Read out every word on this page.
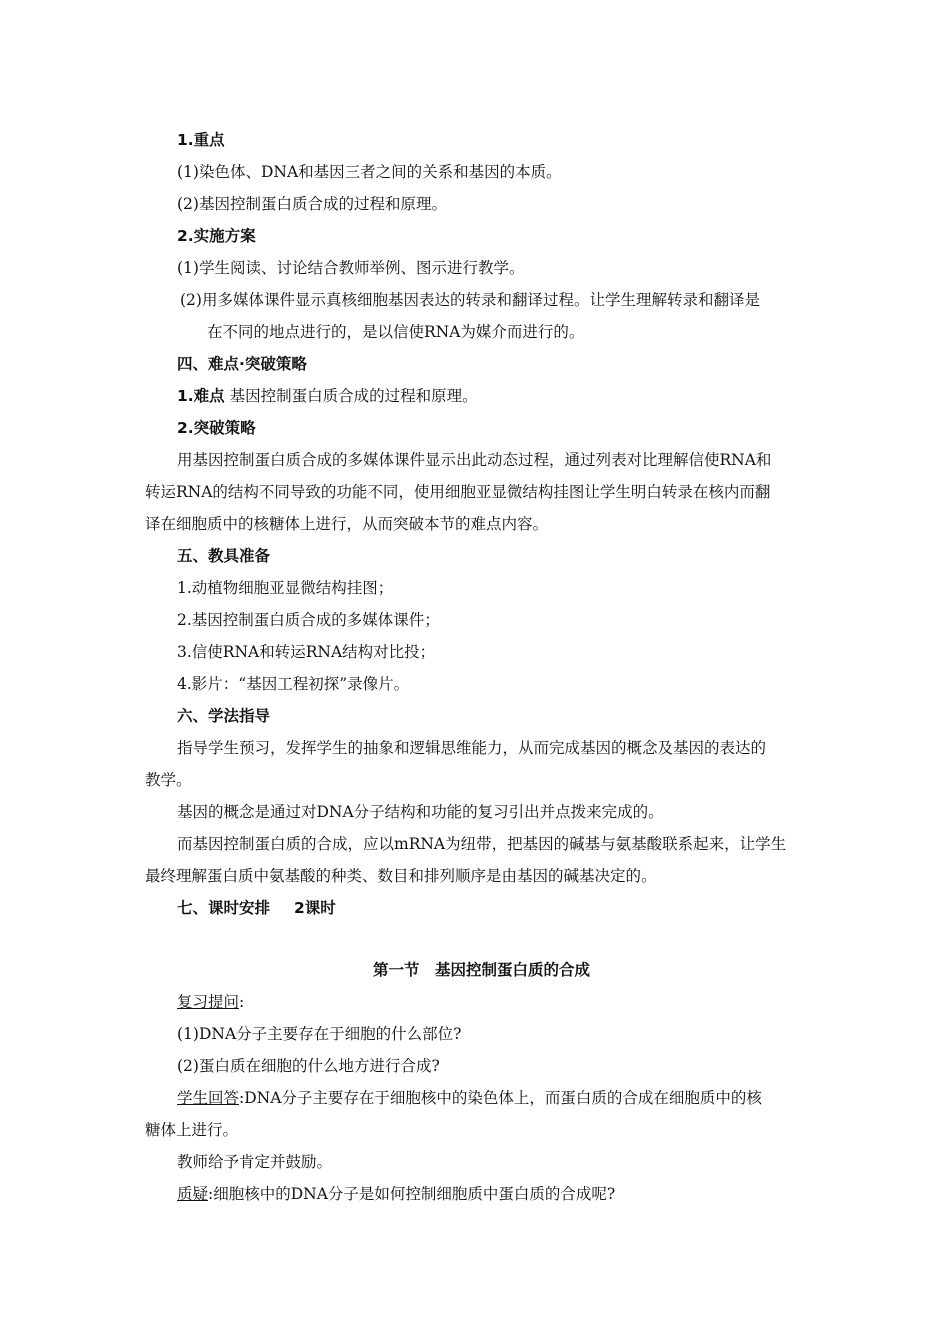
1.重点
(1)染色体、DNA和基因三者之间的关系和基因的本质。
(2)基因控制蛋白质合成的过程和原理。
2.实施方案
(1)学生阅读、讨论结合教师举例、图示进行教学。
(2)用多媒体课件显示真核细胞基因表达的转录和翻译过程。让学生理解转录和翻译是
在不同的地点进行的，是以信使RNA为媒介而进行的。
四、难点·突破策略
1.难点 基因控制蛋白质合成的过程和原理。
2.突破策略
用基因控制蛋白质合成的多媒体课件显示出此动态过程，通过列表对比理解信使RNA和
转运RNA的结构不同导致的功能不同，使用细胞亚显微结构挂图让学生明白转录在核内而翻
译在细胞质中的核糖体上进行，从而突破本节的难点内容。
五、教具准备
1.动植物细胞亚显微结构挂图；
2.基因控制蛋白质合成的多媒体课件；
3.信使RNA和转运RNA结构对比投；
4.影片：“基因工程初探”录像片。
六、学法指导
指导学生预习，发挥学生的抽象和逻辑思维能力，从而完成基因的概念及基因的表达的
教学。
基因的概念是通过对DNA分子结构和功能的复习引出并点拨来完成的。
而基因控制蛋白质的合成，应以mRNA为纽带，把基因的碱基与氨基酸联系起来，让学生
最终理解蛋白质中氨基酸的种类、数目和排列顺序是由基因的碱基决定的。
七、课时安排 2课时
第一节　基因控制蛋白质的合成
复习提问:
(1)DNA分子主要存在于细胞的什么部位?
(2)蛋白质在细胞的什么地方进行合成?
学生回答:DNA分子主要存在于细胞核中的染色体上，而蛋白质的合成在细胞质中的核
糖体上进行。
教师给予肯定并鼓励。
质疑:细胞核中的DNA分子是如何控制细胞质中蛋白质的合成呢?
